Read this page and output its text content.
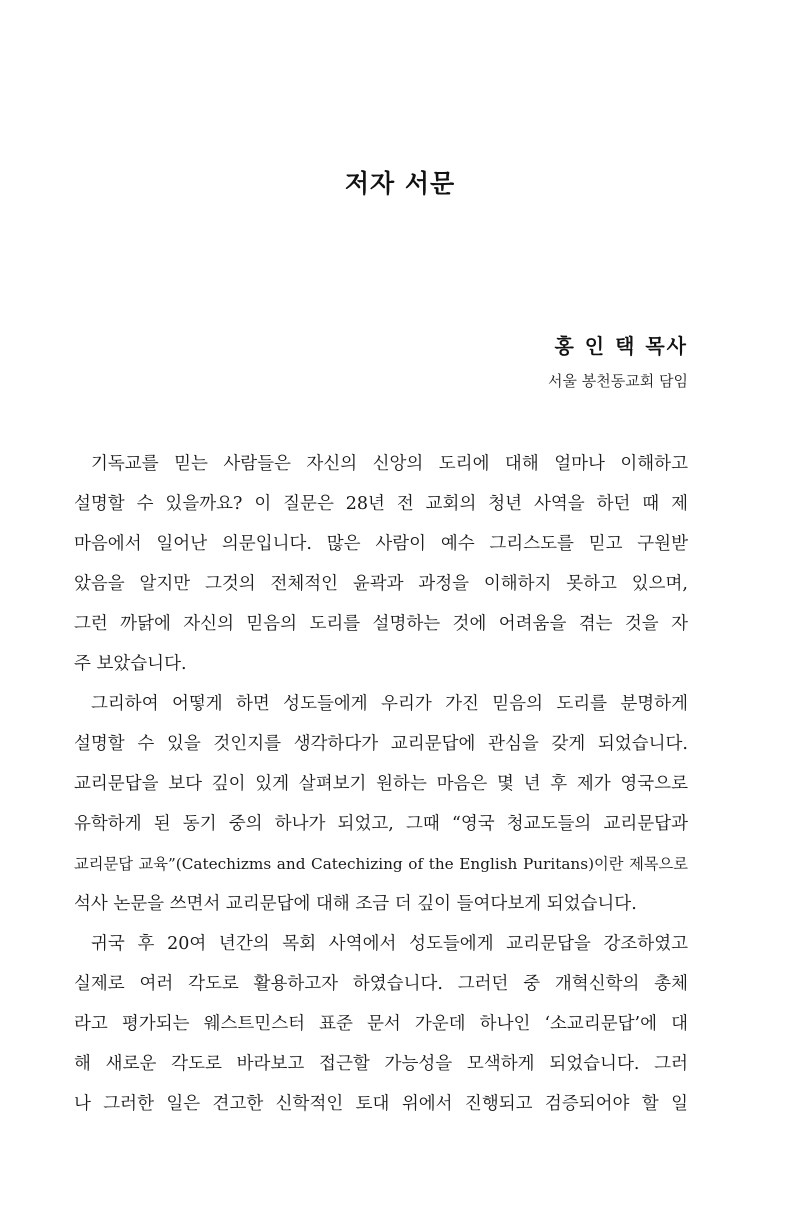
저자 서문
홍 인 택 목사
서울 봉천동교회 담임
기독교를 믿는 사람들은 자신의 신앙의 도리에 대해 얼마나 이해하고
설명할 수 있을까요? 이 질문은 28년 전 교회의 청년 사역을 하던 때 제
마음에서 일어난 의문입니다. 많은 사람이 예수 그리스도를 믿고 구원받
았음을 알지만 그것의 전체적인 윤곽과 과정을 이해하지 못하고 있으며,
그런 까닭에 자신의 믿음의 도리를 설명하는 것에 어려움을 겪는 것을 자
주 보았습니다.
그리하여 어떻게 하면 성도들에게 우리가 가진 믿음의 도리를 분명하게
설명할 수 있을 것인지를 생각하다가 교리문답에 관심을 갖게 되었습니다.
교리문답을 보다 깊이 있게 살펴보기 원하는 마음은 몇 년 후 제가 영국으로
유학하게 된 동기 중의 하나가 되었고, 그때 “영국 청교도들의 교리문답과
교리문답 교육”(Catechizms and Catechizing of the English Puritans)이란 제목으로
석사 논문을 쓰면서 교리문답에 대해 조금 더 깊이 들여다보게 되었습니다.
귀국 후 20여 년간의 목회 사역에서 성도들에게 교리문답을 강조하였고
실제로 여러 각도로 활용하고자 하였습니다. 그러던 중 개혁신학의 총체
라고 평가되는 웨스트민스터 표준 문서 가운데 하나인 ‘소교리문답’에 대
해 새로운 각도로 바라보고 접근할 가능성을 모색하게 되었습니다. 그러
나 그러한 일은 견고한 신학적인 토대 위에서 진행되고 검증되어야 할 일
